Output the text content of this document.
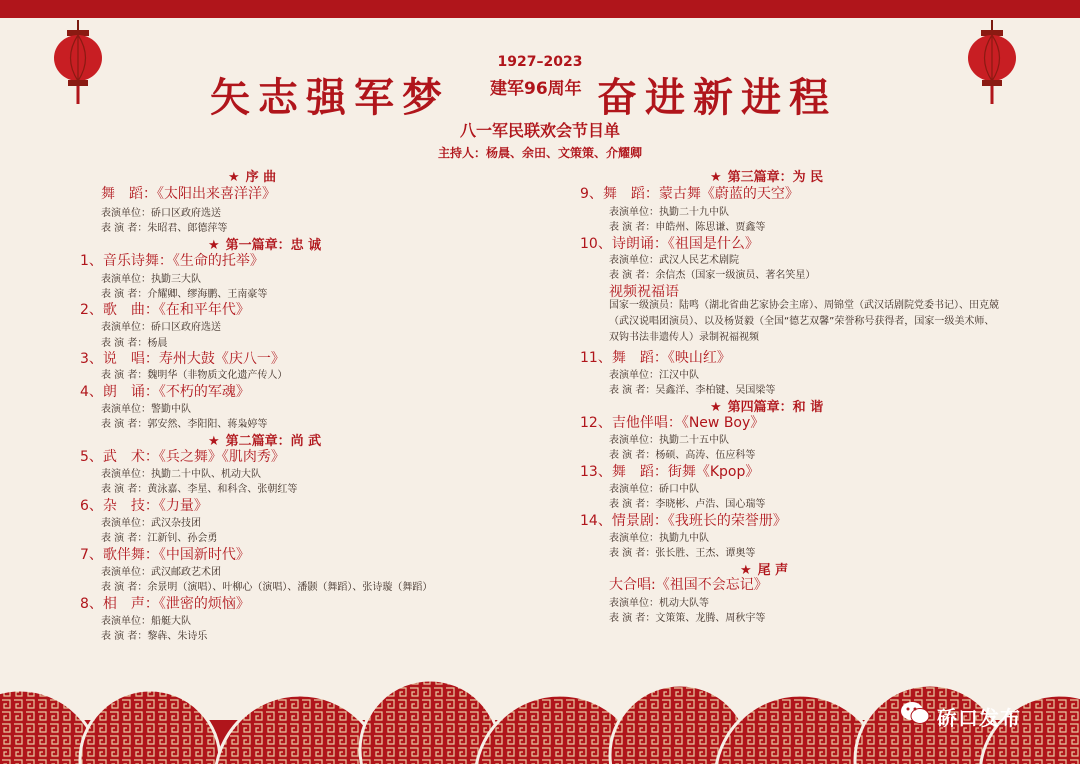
1927–2023
矢志强军梦 建军96周年 奋进新进程
八一军民联欢会节目单
主持人：杨晨、余田、文策策、介耀卿
★ 序 曲
舞　蹈：《太阳出来喜洋洋》
表演单位：硚口区政府选送
表 演 者：朱昭君、郎德萍等
★ 第一篇章：忠 诚
1、音乐诗舞：《生命的托举》
表演单位：执勤三大队
表 演 者：介耀卿、缪海鹏、王南豪等
2、歌　曲：《在和平年代》
表演单位：硚口区政府选送
表 演 者：杨晨
3、说　唱：寿州大鼓《庆八一》
表 演 者：魏明华（非物质文化遗产传人）
4、朗　诵：《不朽的军魂》
表演单位：警勤中队
表 演 者：郭安然、李阳阳、蒋枭婷等
★ 第二篇章：尚 武
5、武　术：《兵之舞》《肌肉秀》
表演单位：执勤二十中队、机动大队
表 演 者：黄泳嘉、李星、和科含、张朝红等
6、杂　技：《力量》
表演单位：武汉杂技团
表 演 者：江新钊、孙会勇
7、歌伴舞：《中国新时代》
表演单位：武汉邮政艺术团
表 演 者：余景明（演唱）、叶柳心（演唱）、潘颢（舞蹈）、张诗璇（舞蹈）
8、相　声：《泄密的烦恼》
表演单位：船艇大队
表 演 者：黎犇、朱诗乐
★ 第三篇章：为 民
9、舞　蹈：蒙古舞《蔚蓝的天空》
表演单位：执勤二十九中队
表 演 者：申皓州、陈思谦、贾鑫等
10、诗朗诵：《祖国是什么》
表演单位：武汉人民艺术剧院
表 演 者：余信杰（国家一级演员、著名笑星）
视频祝福语
国家一级演员：陆鸣（湖北省曲艺家协会主席）、周锦堂（武汉话剧院党委书记）、田克兢（武汉说唱团演员）、以及杨贤毅（全国“德艺双馨”荣誉称号获得者，国家一级美术师、双钩书法非遗传人）录制祝福视频
11、舞　蹈：《映山红》
表演单位：江汉中队
表 演 者：吴鑫洋、李柏键、吴国梁等
★ 第四篇章：和 谐
12、吉他伴唱：《New Boy》
表演单位：执勤二十五中队
表 演 者：杨硕、高涛、伍应科等
13、舞　蹈：街舞《Kpop》
表演单位：硚口中队
表 演 者：李晓彬、卢浩、国心瑞等
14、情景剧：《我班长的荣誉册》
表演单位：执勤九中队
表 演 者：张长胜、王杰、谭奥等
★ 尾 声
大合唱:《祖国不会忘记》
表演单位：机动大队等
表 演 者：文策策、龙腾、周秋宇等
硚口发布
